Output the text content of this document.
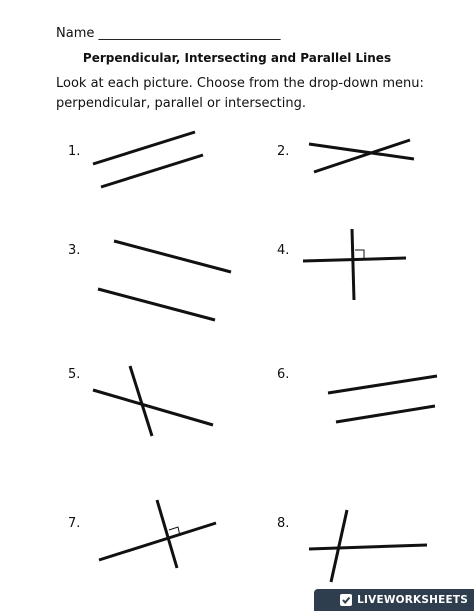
Name ____________________________
Perpendicular, Intersecting and Parallel Lines
Look at each picture. Choose from the drop-down menu:
perpendicular, parallel or intersecting.
1.	2.
3.	4.
5.	6.
7.	8.
LIVEWORKSHEETS
